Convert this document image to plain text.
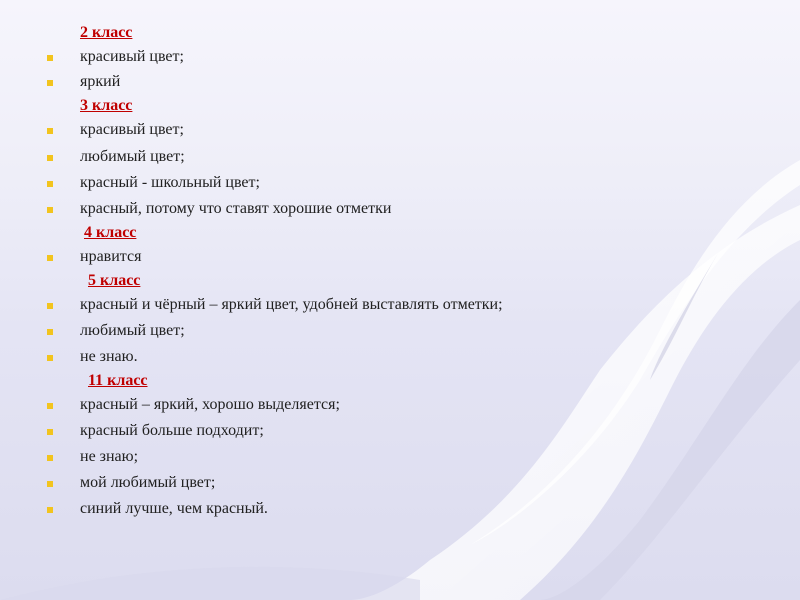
2 класс
красивый цвет;
яркий
3 класс
красивый цвет;
любимый цвет;
красный - школьный цвет;
красный, потому что ставят хорошие отметки
4 класс
нравится
5 класс
красный и чёрный – яркий цвет, удобней выставлять отметки;
любимый цвет;
не знаю.
11 класс
красный – яркий, хорошо выделяется;
красный больше подходит;
не знаю;
мой любимый цвет;
синий лучше, чем красный.
